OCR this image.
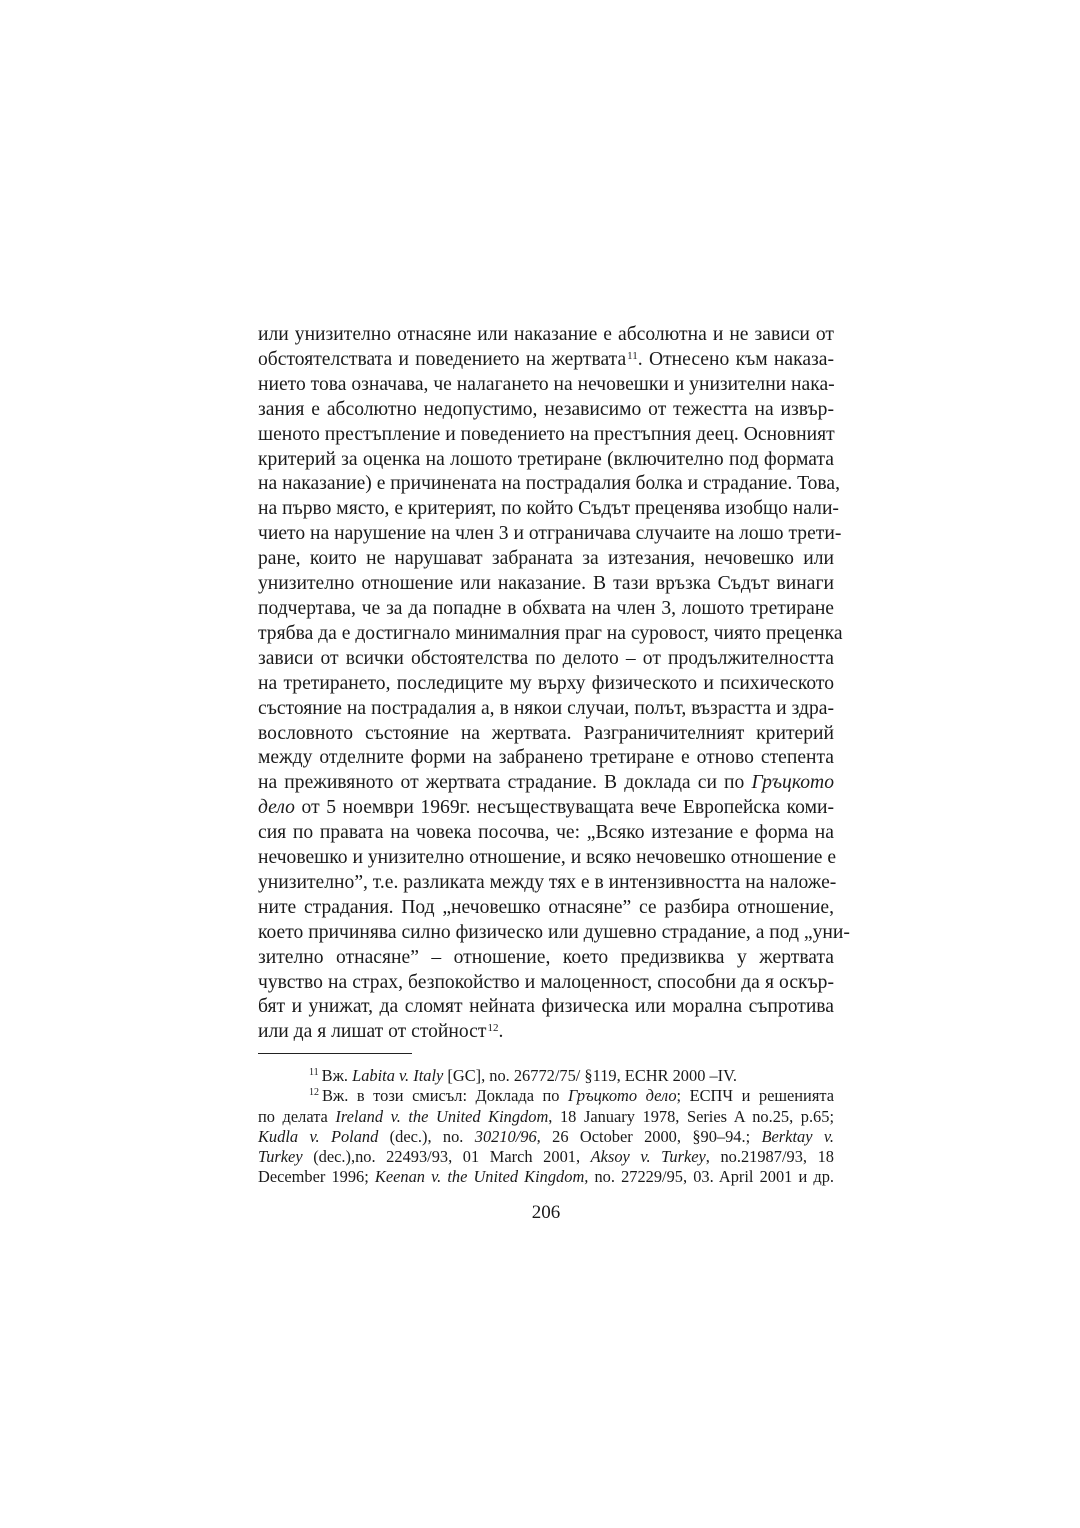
или унизително отнасяне или наказание е абсолютна и не зависи от
обстоятелствата и поведението на жертвата$^{11}$. Отнесено към наказа-
нието това означава, че налагането на нечовешки и унизителни нака-
зания е абсолютно недопустимо, независимо от тежестта на извър-
шеното престъпление и поведението на престъпния деец. Основният
критерий за оценка на лошото третиране (включително под формата
на наказание) е причинената на пострадалия болка и страдание. Това,
на първо място, е критерият, по който Съдът преценява изобщо нали-
чието на нарушение на член 3 и отграничава случаите на лошо трети-
ране, които не нарушават забраната за изтезания, нечовешко или
унизително отношение или наказание. В тази връзка Съдът винаги
подчертава, че за да попадне в обхвата на член 3, лошото третиране
трябва да е достигнало минималния праг на суровост, чиято преценка
зависи от всички обстоятелства по делото – от продължителността
на третирането, последиците му върху физическото и психическото
състояние на пострадалия а, в някои случаи, полът, възрастта и здра-
вословното състояние на жертвата. Разграничителният критерий
между отделните форми на забранено третиране е отново степента
на преживяното от жертвата страдание. В доклада си по Гръцкото
дело от 5 ноември 1969г. несъществуващата вече Европейска коми-
сия по правата на човека посочва, че: „Всяко изтезание е форма на
нечовешко и унизително отношение, и всяко нечовешко отношение е
унизително”, т.е. разликата между тях е в интензивността на наложе-
ните страдания. Под „нечовешко отнасяне” се разбира отношение,
което причинява силно физическо или душевно страдание, а под „уни-
зително отнасяне” – отношение, което предизвиква у жертвата
чувство на страх, безпокойство и малоценност, способни да я оскър-
бят и унижат, да сломят нейната физическа или морална съпротива
или да я лишат от стойност$^{12}$.
$^{11}$ Вж. Labita v. Italy [GC], no. 26772/75/ §119, ECHR 2000 –IV.
$^{12}$ Вж. в този смисъл: Доклада по Гръцкото дело; ЕСПЧ и решенията
по делата Ireland v. the United Kingdom, 18 January 1978, Series A no.25, p.65;
Kudla v. Poland (dec.), no. 30210/96, 26 October 2000, §90–94.; Berktay v.
Turkey (dec.),no. 22493/93, 01 March 2001, Aksoy v. Turkey, no.21987/93, 18
December 1996; Keenan v. the United Kingdom, no. 27229/95, 03. April 2001 и др.
206
